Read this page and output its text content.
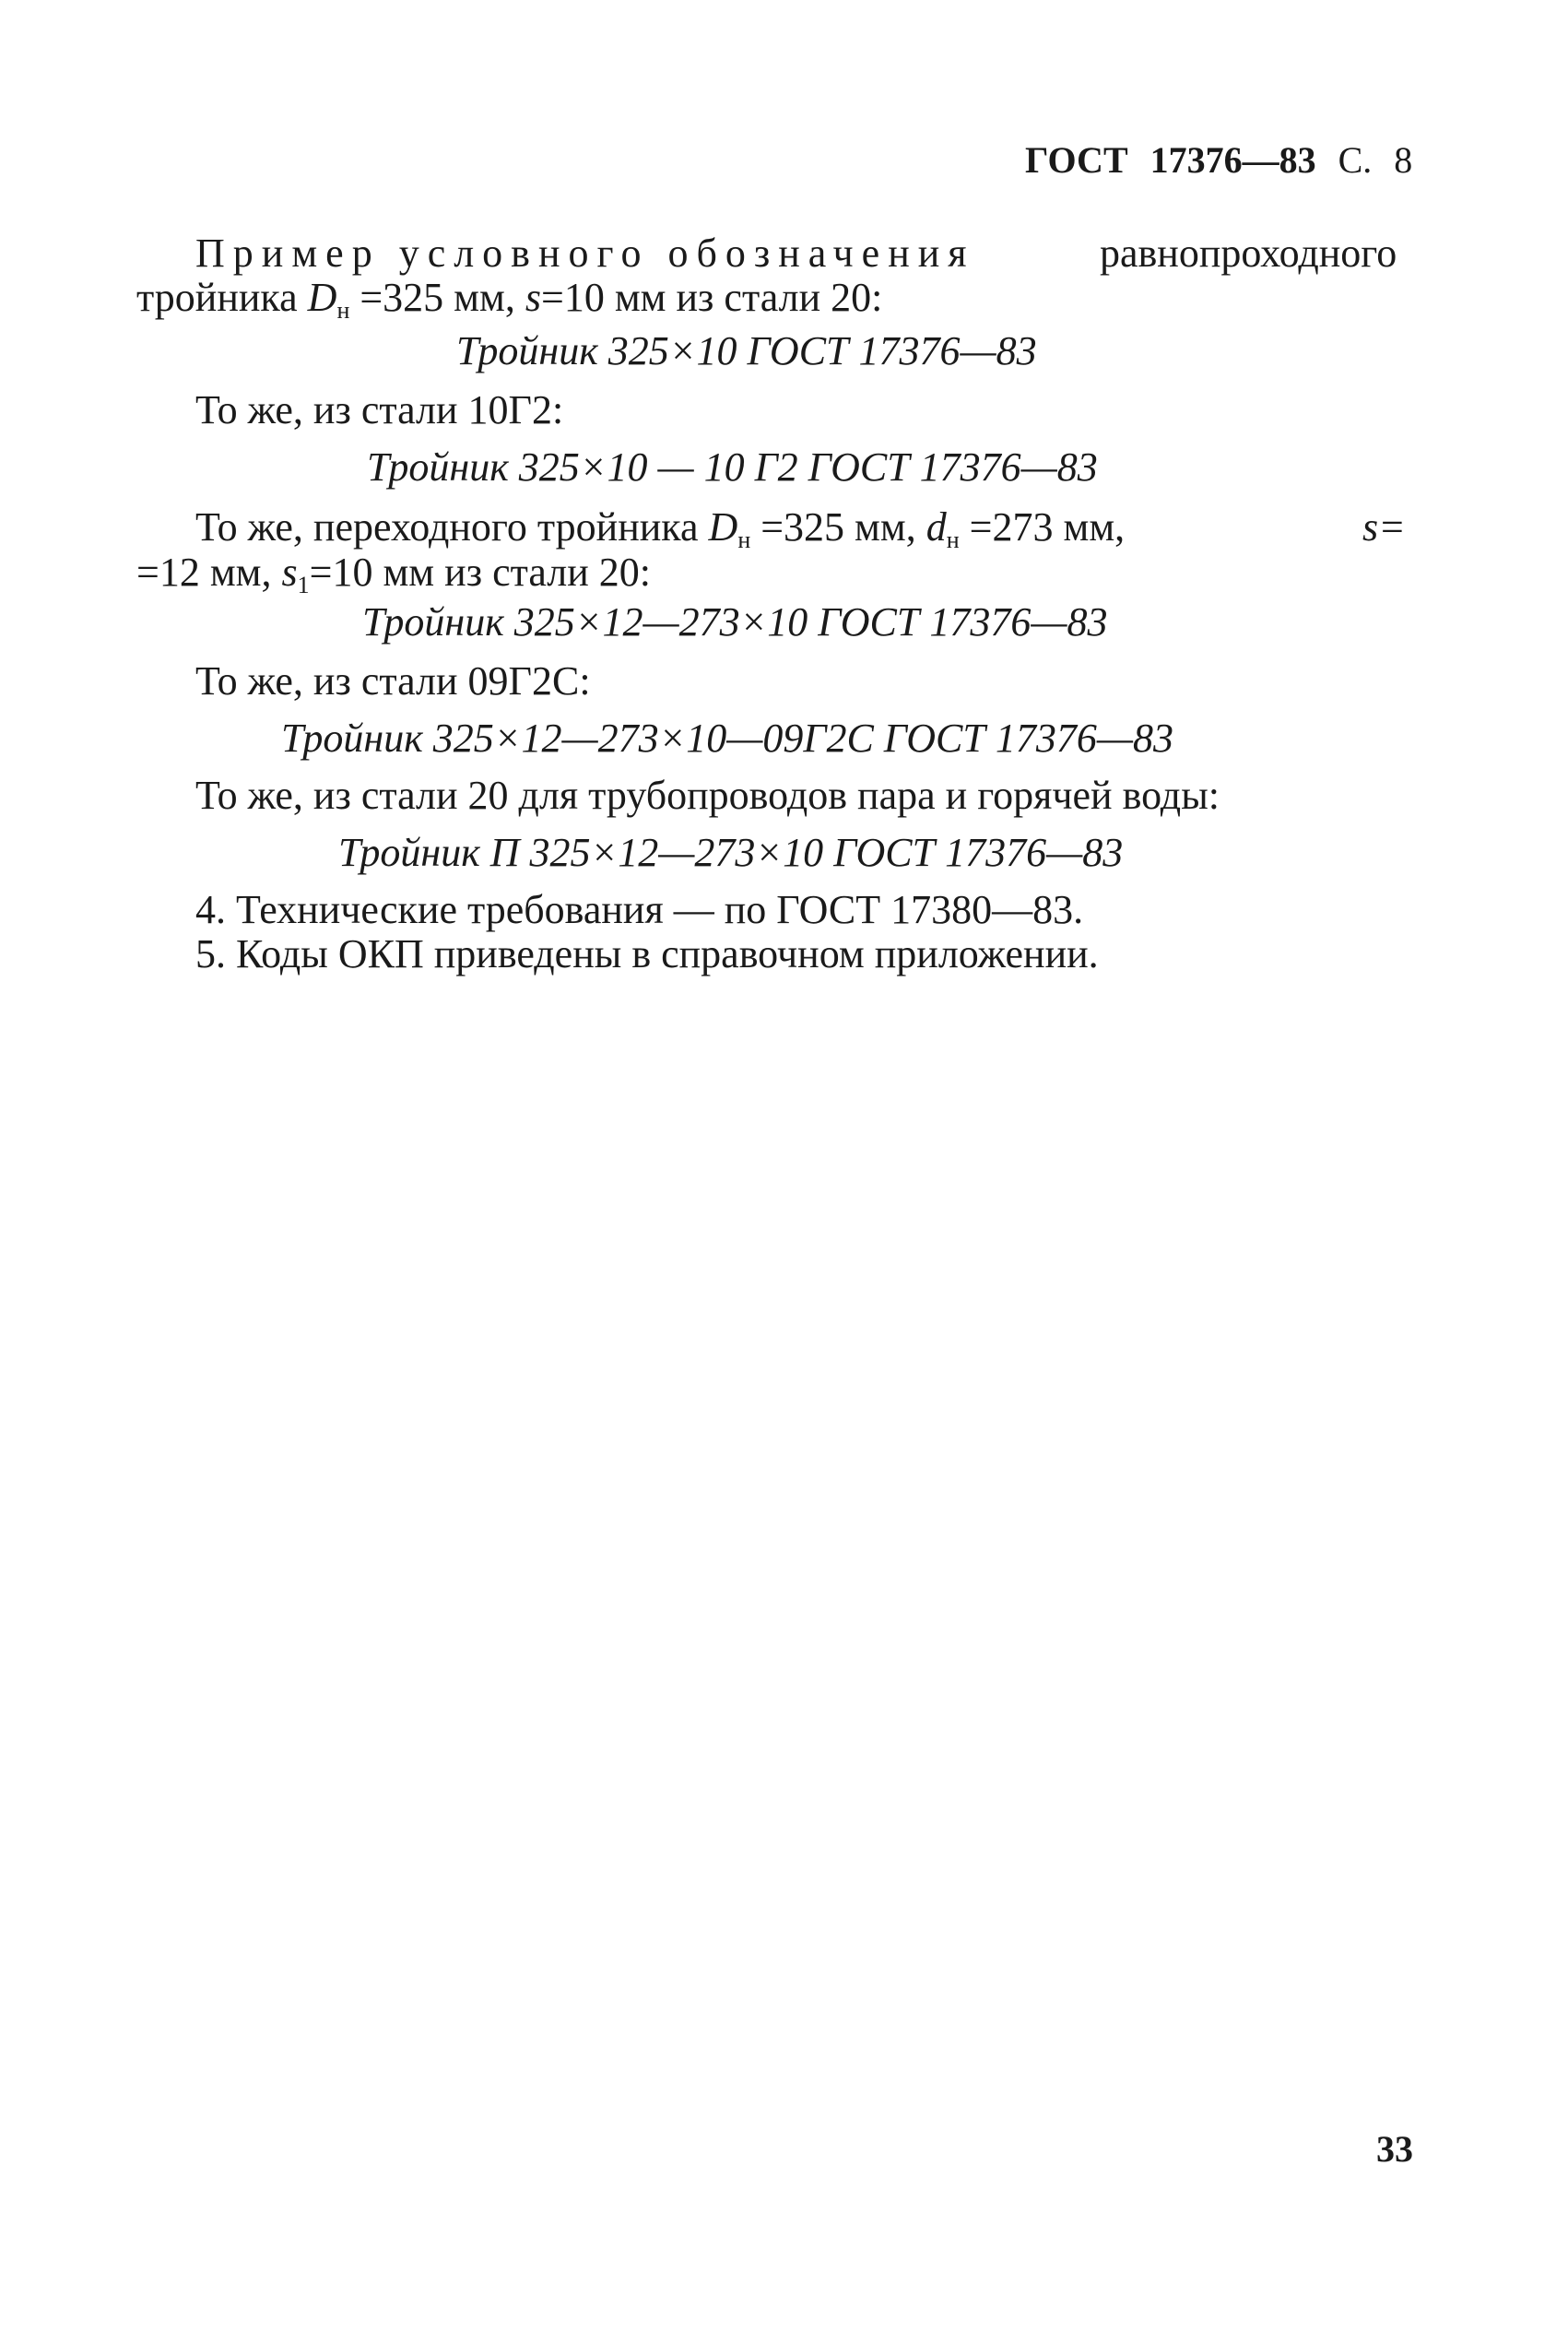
ГОСТ 17376—83 С. 8
Пример условного обозначения	равнопроходного
тройника $D_н =325$ мм, s=10 мм из стали 20:
Тройник 325×10 ГОСТ 17376—83
То же, из стали 10Г2:
Тройник 325×10 — 10 Г2 ГОСТ 17376—83
То же, переходного тройника $D_н =325$ мм, $d_н =273$ мм,	s=
=12 мм, $s_1=10$ мм из стали 20:
Тройник 325×12—273×10 ГОСТ 17376—83
То же, из стали 09Г2С:
Тройник 325×12—273×10—09Г2С ГОСТ 17376—83
То же, из стали 20 для трубопроводов пара и горячей воды:
Тройник П 325×12—273×10 ГОСТ 17376—83
4. Технические требования — по ГОСТ 17380—83.
5. Коды ОКП приведены в справочном приложении.
33
